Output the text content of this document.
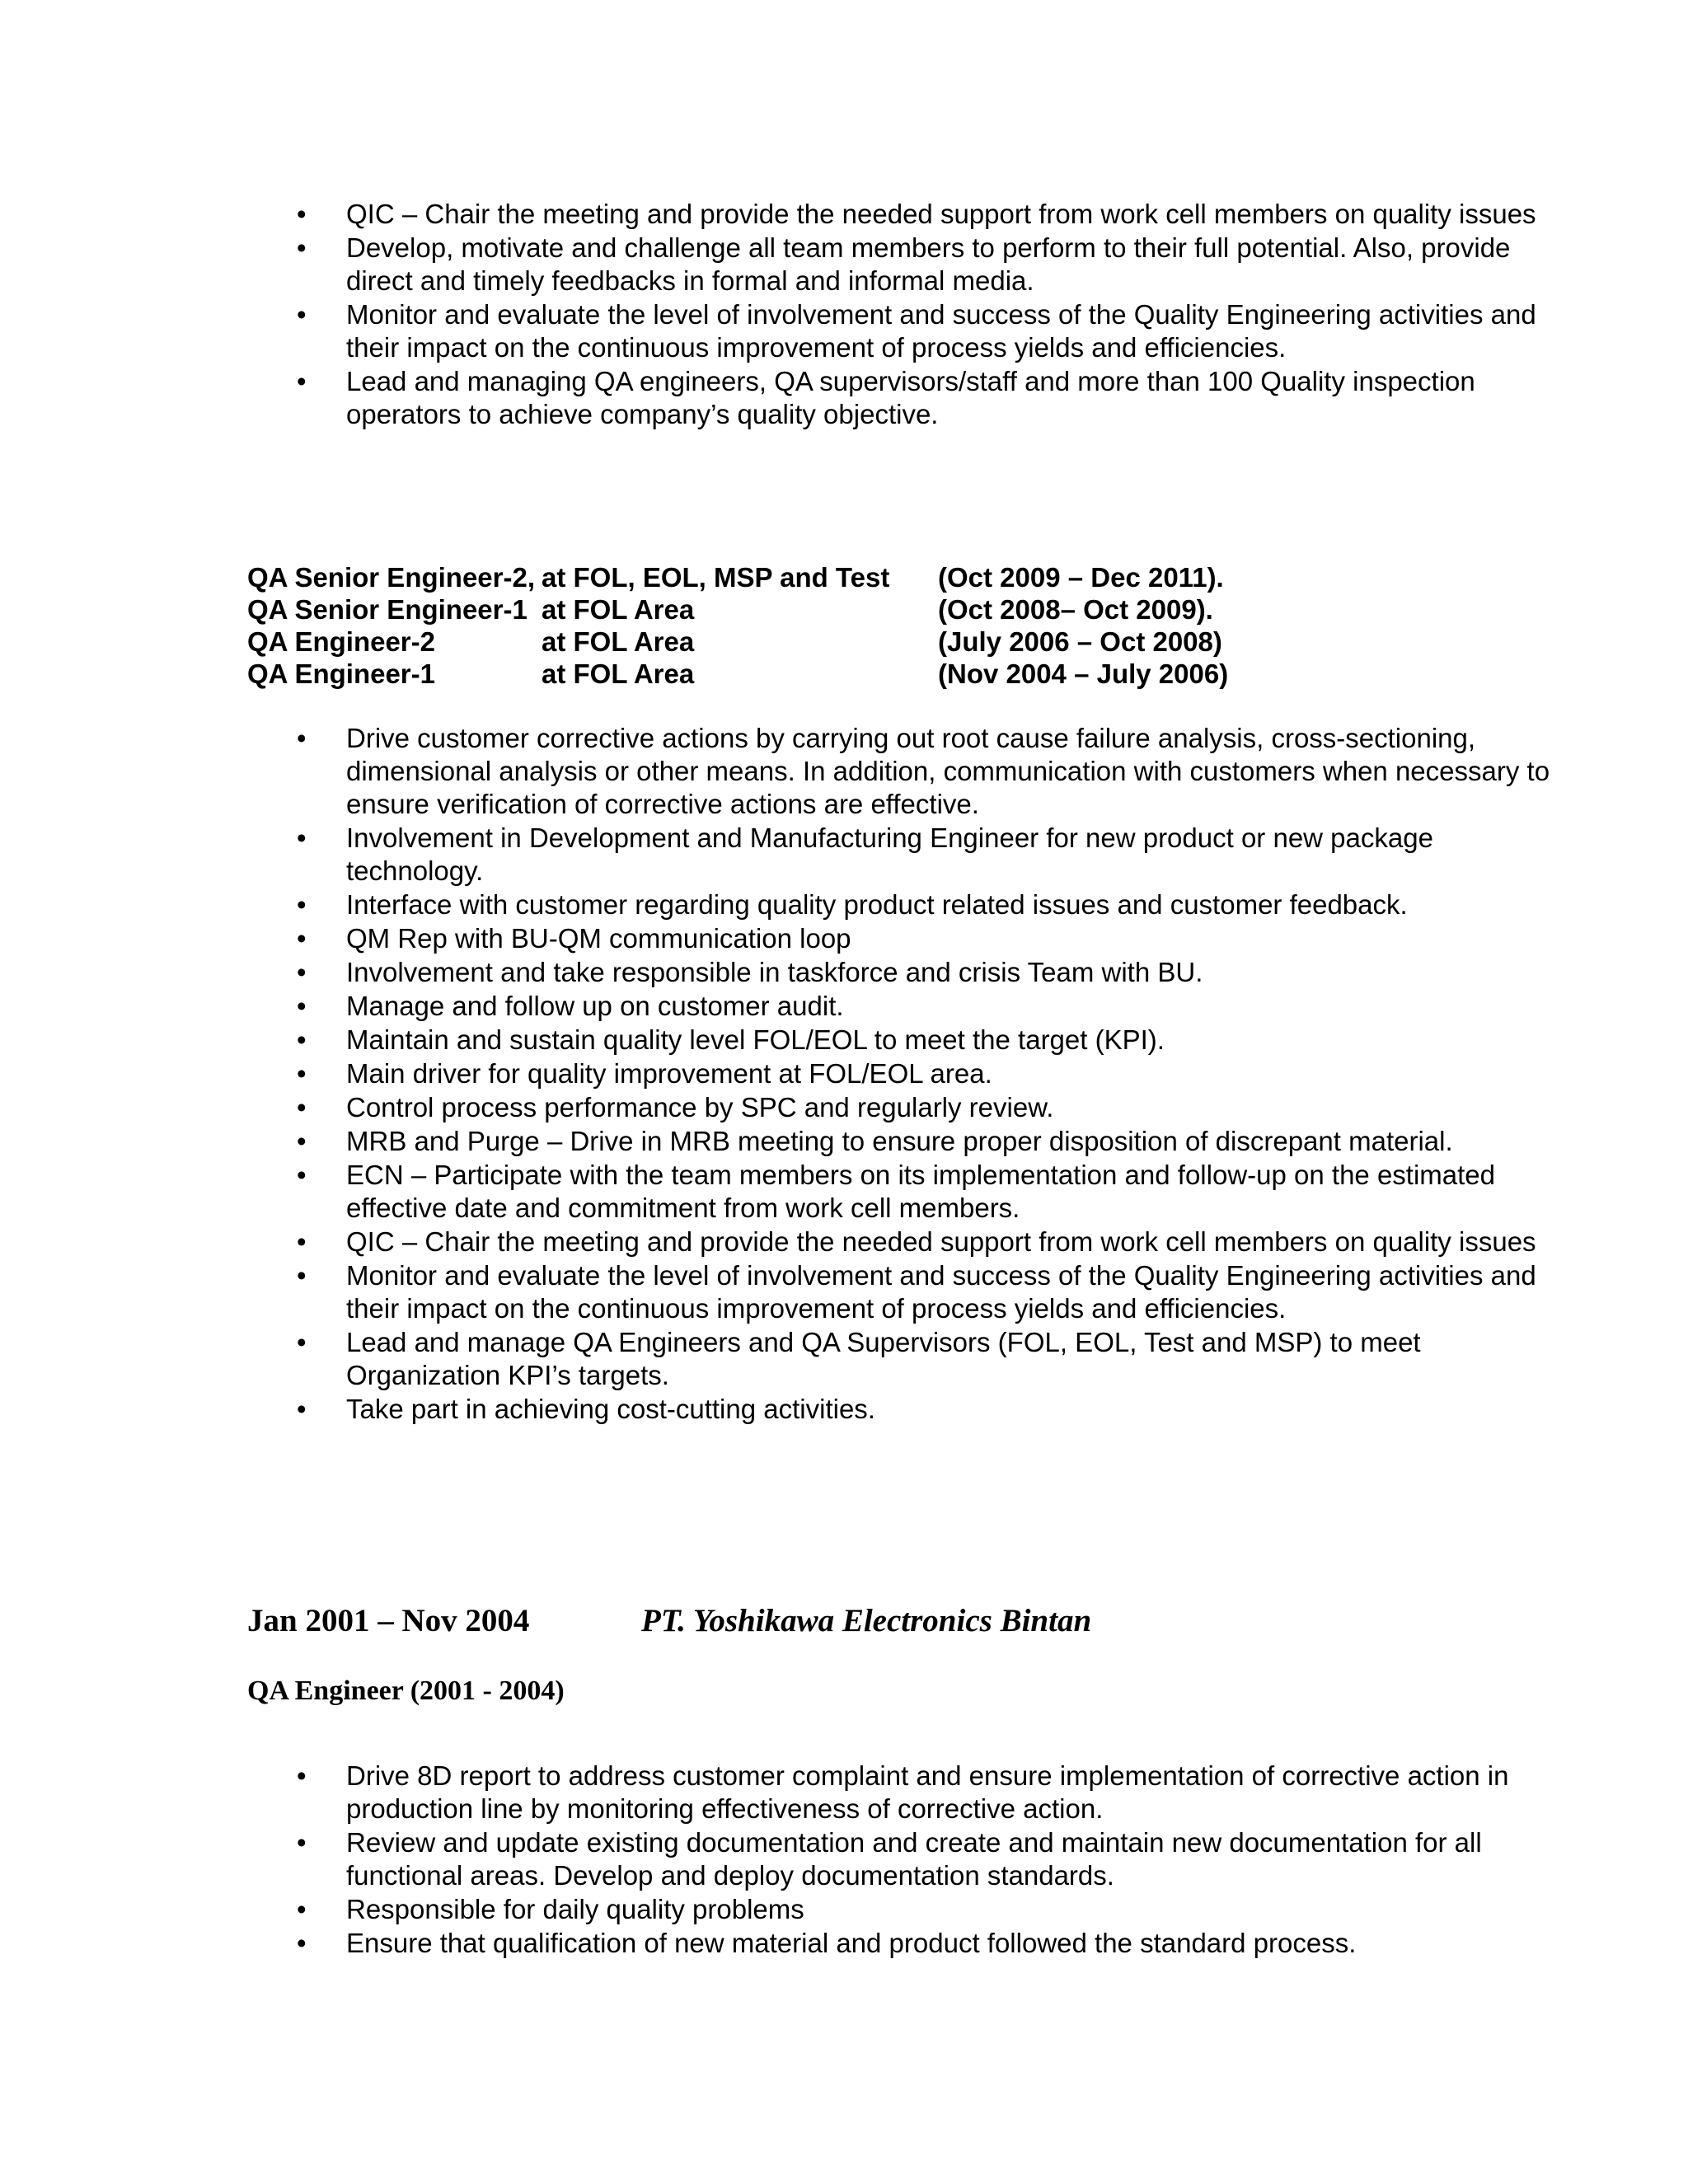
• QIC – Chair the meeting and provide the needed support from work cell members on quality issues
• Develop, motivate and challenge all team members to perform to their full potential. Also, provide direct and timely feedbacks in formal and informal media.
• Monitor and evaluate the level of involvement and success of the Quality Engineering activities and their impact on the continuous improvement of process yields and efficiencies.
• Lead and managing QA engineers, QA supervisors/staff and more than 100 Quality inspection operators to achieve company’s quality objective.
QA Senior Engineer-2, at FOL, EOL, MSP and Test (Oct 2009 – Dec 2011).
QA Senior Engineer-1 at FOL Area	(Oct 2008– Oct 2009).
QA Engineer-2	at FOL Area	(July 2006 – Oct 2008)
QA Engineer-1	at FOL Area	(Nov 2004 – July 2006)
• Drive customer corrective actions by carrying out root cause failure analysis, cross-sectioning, dimensional analysis or other means. In addition, communication with customers when necessary to ensure verification of corrective actions are effective.
• Involvement in Development and Manufacturing Engineer for new product or new package technology.
• Interface with customer regarding quality product related issues and customer feedback.
• QM Rep with BU-QM communication loop
• Involvement and take responsible in taskforce and crisis Team with BU.
• Manage and follow up on customer audit.
• Maintain and sustain quality level FOL/EOL to meet the target (KPI).
• Main driver for quality improvement at FOL/EOL area.
• Control process performance by SPC and regularly review.
• MRB and Purge – Drive in MRB meeting to ensure proper disposition of discrepant material.
• ECN – Participate with the team members on its implementation and follow-up on the estimated effective date and commitment from work cell members.
• QIC – Chair the meeting and provide the needed support from work cell members on quality issues
• Monitor and evaluate the level of involvement and success of the Quality Engineering activities and their impact on the continuous improvement of process yields and efficiencies.
• Lead and manage QA Engineers and QA Supervisors (FOL, EOL, Test and MSP) to meet Organization KPI’s targets.
• Take part in achieving cost-cutting activities.
Jan 2001 – Nov 2004	PT. Yoshikawa Electronics Bintan
QA Engineer (2001 - 2004)
• Drive 8D report to address customer complaint and ensure implementation of corrective action in production line by monitoring effectiveness of corrective action.
• Review and update existing documentation and create and maintain new documentation for all functional areas. Develop and deploy documentation standards.
• Responsible for daily quality problems
• Ensure that qualification of new material and product followed the standard process.
